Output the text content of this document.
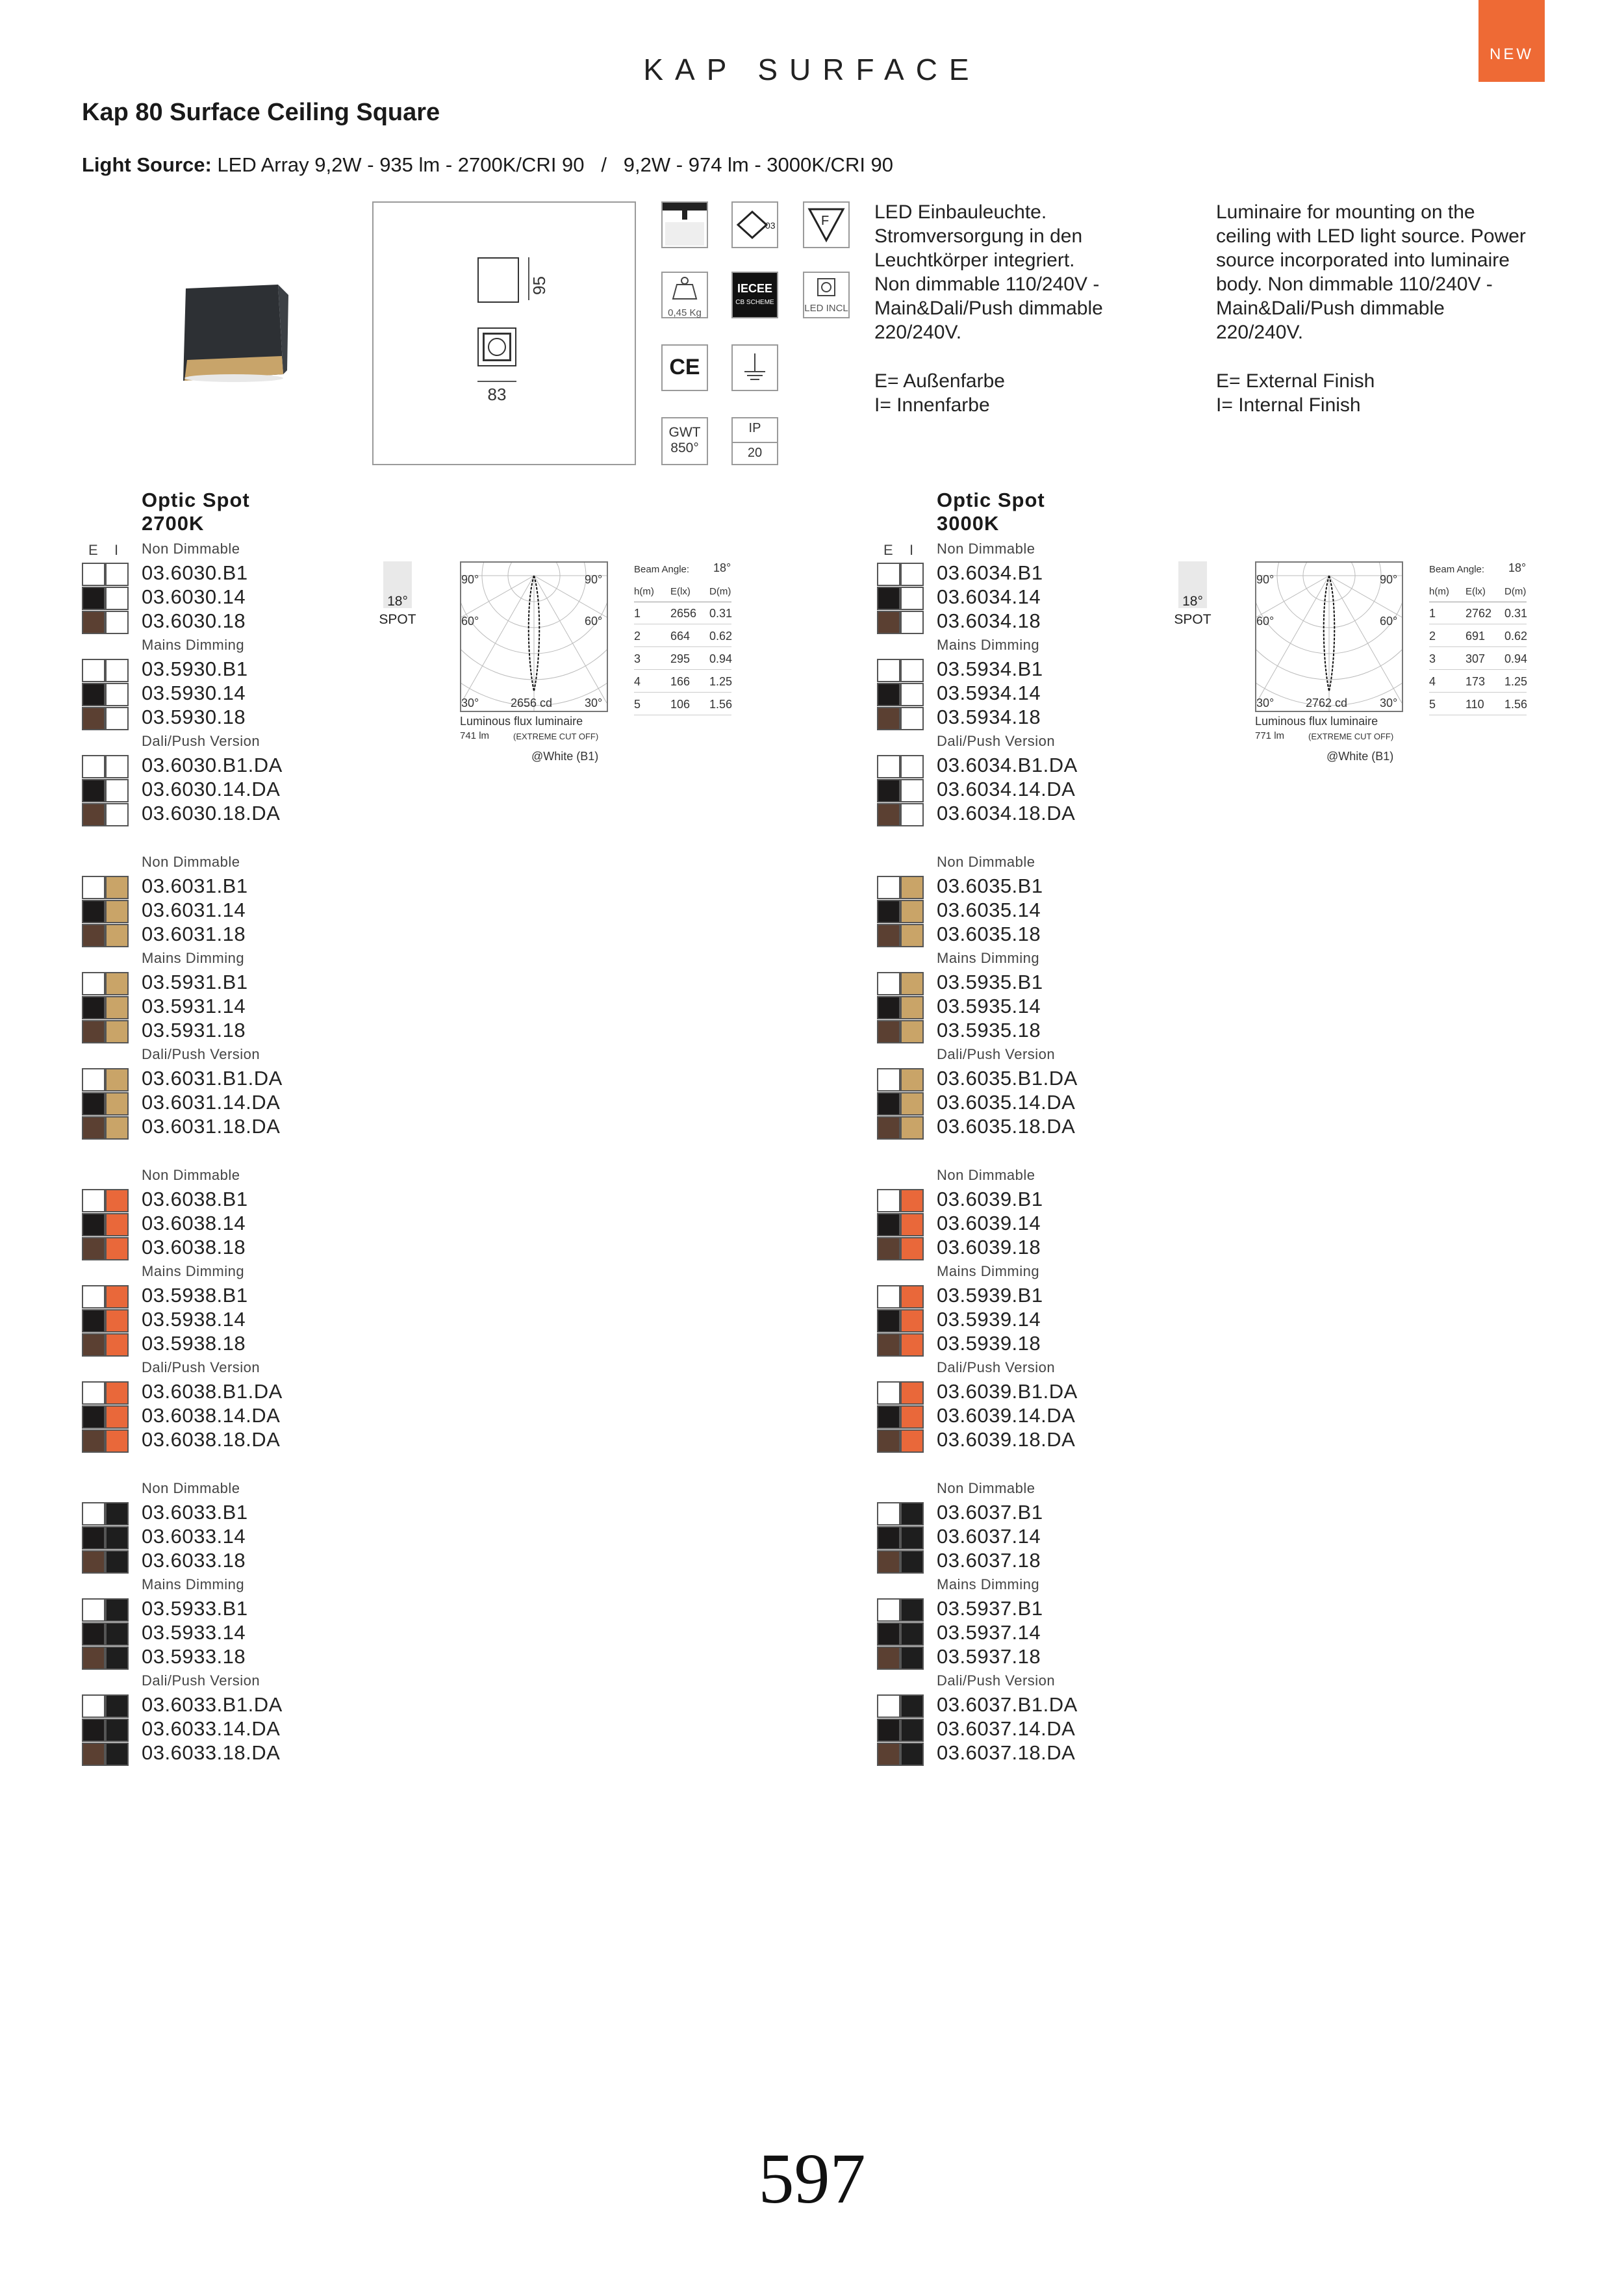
KAP SURFACE	NEW
Kap 80 Surface Ceiling Square
Light Source: LED Array 9,2W - 935 lm - 2700K/CRI 90   /   9,2W - 974 lm - 3000K/CRI 90
95
83
03	F
0,45 Kg
IECEE
CB SCHEME
LED INCL
CE
GWT
850°
IP
20
LED Einbauleuchte.
Stromversorgung in den
Leuchtkörper integriert.
Non dimmable 110/240V -
Main&Dali/Push dimmable
220/240V.
E= Außenfarbe
I= Innenfarbe
Luminaire for mounting on the
ceiling with LED light source. Power
source incorporated into luminaire
body. Non dimmable 110/240V -
Main&Dali/Push dimmable
220/240V.
E= External Finish
I= Internal Finish
Optic Spot
2700K
E I Non Dimmable
03.6030.B1
03.6030.14
03.6030.18
Mains Dimming
03.5930.B1
03.5930.14
03.5930.18
Dali/Push Version
03.6030.B1.DA
03.6030.14.DA
03.6030.18.DA
Non Dimmable
03.6031.B1
03.6031.14
03.6031.18
Mains Dimming
03.5931.B1
03.5931.14
03.5931.18
Dali/Push Version
03.6031.B1.DA
03.6031.14.DA
03.6031.18.DA
Non Dimmable
03.6038.B1
03.6038.14
03.6038.18
Mains Dimming
03.5938.B1
03.5938.14
03.5938.18
Dali/Push Version
03.6038.B1.DA
03.6038.14.DA
03.6038.18.DA
Non Dimmable
03.6033.B1
03.6033.14
03.6033.18
Mains Dimming
03.5933.B1
03.5933.14
03.5933.18
Dali/Push Version
03.6033.B1.DA
03.6033.14.DA
03.6033.18.DA
18°
SPOT
90°	90°
60°	60°
30°	30°
2656 cd
Luminous flux luminaire
741 lm	(EXTREME CUT OFF)
@White (B1)
Beam Angle: 18°
h(m) E(lx) D(m)
1	2656 0.31
2	664 0.62
3	295 0.94
4	166 1.25
5	106 1.56
Optic Spot
3000K
E I Non Dimmable
03.6034.B1
03.6034.14
03.6034.18
Mains Dimming
03.5934.B1
03.5934.14
03.5934.18
Dali/Push Version
03.6034.B1.DA
03.6034.14.DA
03.6034.18.DA
Non Dimmable
03.6035.B1
03.6035.14
03.6035.18
Mains Dimming
03.5935.B1
03.5935.14
03.5935.18
Dali/Push Version
03.6035.B1.DA
03.6035.14.DA
03.6035.18.DA
Non Dimmable
03.6039.B1
03.6039.14
03.6039.18
Mains Dimming
03.5939.B1
03.5939.14
03.5939.18
Dali/Push Version
03.6039.B1.DA
03.6039.14.DA
03.6039.18.DA
Non Dimmable
03.6037.B1
03.6037.14
03.6037.18
Mains Dimming
03.5937.B1
03.5937.14
03.5937.18
Dali/Push Version
03.6037.B1.DA
03.6037.14.DA
03.6037.18.DA
18°
SPOT
90°	90°
60°	60°
30°	30°
2762 cd
Luminous flux luminaire
771 lm	(EXTREME CUT OFF)
@White (B1)
Beam Angle: 18°
h(m) E(lx) D(m)
1	2762 0.31
2	691 0.62
3	307 0.94
4	173 1.25
5	110 1.56
597
